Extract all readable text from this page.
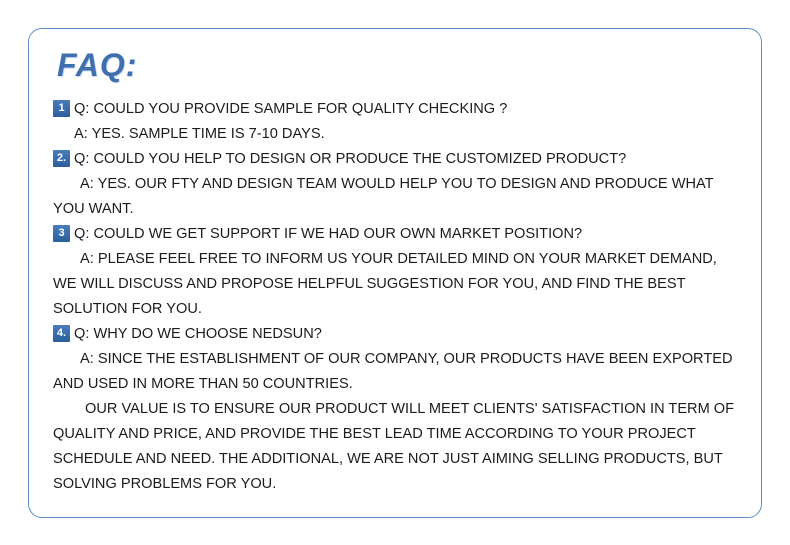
FAQ:
1 Q: COULD YOU PROVIDE SAMPLE FOR QUALITY CHECKING ?

A: YES. SAMPLE TIME IS 7-10 DAYS.

2. Q: COULD YOU HELP TO DESIGN OR PRODUCE THE CUSTOMIZED PRODUCT?

A: YES. OUR FTY AND DESIGN TEAM WOULD HELP YOU TO DESIGN AND PRODUCE WHAT YOU WANT.

3 Q: COULD WE GET SUPPORT IF WE HAD OUR OWN MARKET POSITION?

A: PLEASE FEEL FREE TO INFORM US YOUR DETAILED MIND ON YOUR MARKET DEMAND, WE WILL DISCUSS AND PROPOSE HELPFUL SUGGESTION FOR YOU, AND FIND THE BEST SOLUTION FOR YOU.

4. Q: WHY DO WE CHOOSE NEDSUN?

A: SINCE THE ESTABLISHMENT OF OUR COMPANY, OUR PRODUCTS HAVE BEEN EXPORTED AND USED IN MORE THAN 50 COUNTRIES.

OUR VALUE IS TO ENSURE OUR PRODUCT WILL MEET CLIENTS' SATISFACTION IN TERM OF QUALITY AND PRICE, AND PROVIDE THE BEST LEAD TIME ACCORDING TO YOUR PROJECT SCHEDULE AND NEED. THE ADDITIONAL, WE ARE NOT JUST AIMING SELLING PRODUCTS, BUT SOLVING PROBLEMS FOR YOU.
